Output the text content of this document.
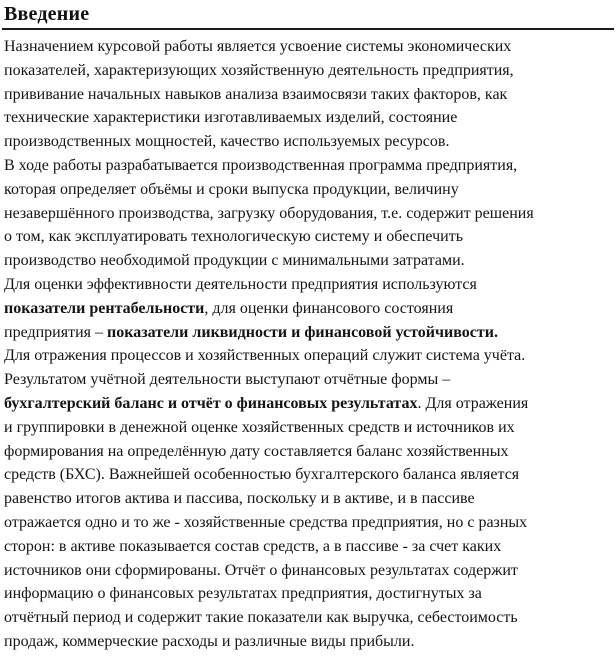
Введение

Назначением курсовой работы является усвоение системы экономических
показателей, характеризующих хозяйственную деятельность предприятия,
прививание начальных навыков анализа взаимосвязи таких факторов, как
технические характеристики изготавливаемых изделий, состояние
производственных мощностей, качество используемых ресурсов.

В ходе работы разрабатывается производственная программа предприятия,
которая определяет объёмы и сроки выпуска продукции, величину
незавершённого производства, загрузку оборудования, т.е. содержит решения
о том, как эксплуатировать технологическую систему и обеспечить
производство необходимой продукции с минимальными затратами.

Для оценки эффективности деятельности предприятия используются
показатели рентабельности, для оценки финансового состояния
предприятия – показатели ликвидности и финансовой устойчивости.

Для отражения процессов и хозяйственных операций служит система учёта.
Результатом учётной деятельности выступают отчётные формы –
бухгалтерский баланс и отчёт о финансовых результатах. Для отражения
и группировки в денежной оценке хозяйственных средств и источников их
формирования на определённую дату составляется баланс хозяйственных
средств (БХС). Важнейшей особенностью бухгалтерского баланса является
равенство итогов актива и пассива, поскольку и в активе, и в пассиве
отражается одно и то же - хозяйственные средства предприятия, но с разных
сторон: в активе показывается состав средств, а в пассиве - за счет каких
источников они сформированы. Отчёт о финансовых результатах содержит
информацию о финансовых результатах предприятия, достигнутых за
отчётный период и содержит такие показатели как выручка, себестоимость
продаж, коммерческие расходы и различные виды прибыли.
